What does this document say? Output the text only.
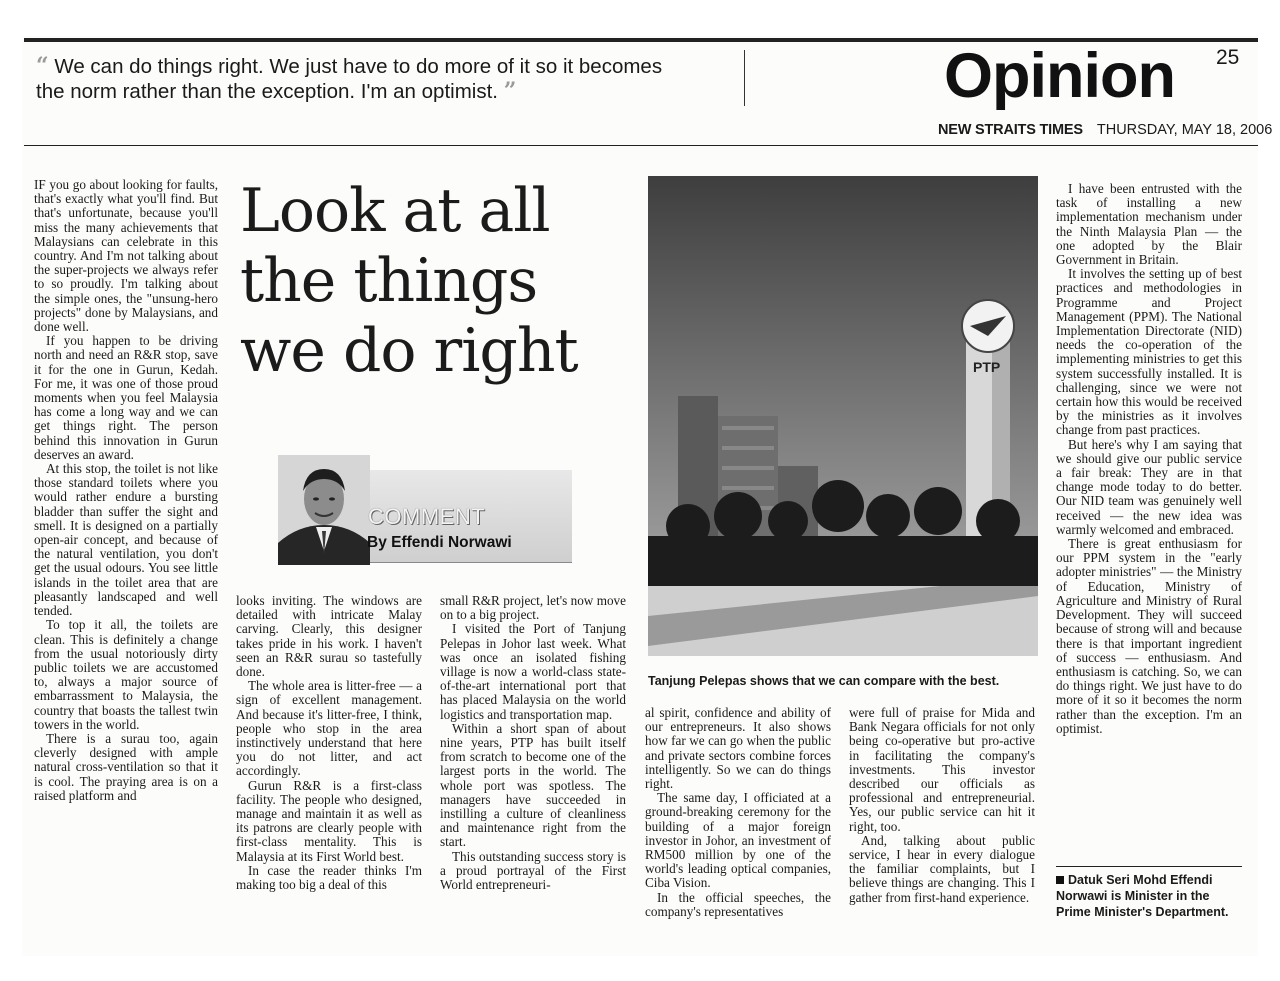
“ We can do things right. We just have to do more of it so it becomes the norm rather than the exception. I'm an optimist. ”	Opinion 25
NEW STRAITS TIMES THURSDAY, MAY 18, 2006

IF you go about looking for faults, that's exactly what you'll find. But that's unfortunate, because you'll miss the many achievements that Malaysians can celebrate in this country. And I'm not talking about the super-projects we always refer to so proudly. I'm talking about the simple ones, the "unsung-hero projects" done by Malaysians, and done well.

If you happen to be driving north and need an R&R stop, save it for the one in Gurun, Kedah. For me, it was one of those proud moments when you feel Malaysia has come a long way and we can get things right. The person behind this innovation in Gurun deserves an award.

At this stop, the toilet is not like those standard toilets where you would rather endure a bursting bladder than suffer the sight and smell. It is designed on a partially open-air concept, and because of the natural ventilation, you don't get the usual odours. You see little islands in the toilet area that are pleasantly landscaped and well tended.

To top it all, the toilets are clean. This is definitely a change from the usual notoriously dirty public toilets we are accustomed to, always a major source of embarrassment to Malaysia, the country that boasts the tallest twin towers in the world.

There is a surau too, again cleverly designed with ample natural cross-ventilation so that it is cool. The praying area is on a raised platform and

Look at all the things we do right
COMMENT
By Effendi Norwawi

looks inviting. The windows are detailed with intricate Malay carving. Clearly, this designer takes pride in his work. I haven't seen an R&R surau so tastefully done.

The whole area is litter-free — a sign of excellent management. And because it's litter-free, I think, people who stop in the area instinctively understand that here you do not litter, and act accordingly.

Gurun R&R is a first-class facility. The people who designed, manage and maintain it as well as its patrons are clearly people with first-class mentality. This is Malaysia at its First World best.

In case the reader thinks I'm making too big a deal of this

small R&R project, let's now move on to a big project.

I visited the Port of Tanjung Pelepas in Johor last week. What was once an isolated fishing village is now a world-class state-of-the-art international port that has placed Malaysia on the world logistics and transportation map.

Within a short span of about nine years, PTP has built itself from scratch to become one of the largest ports in the world. The whole port was spotless. The managers have succeeded in instilling a culture of cleanliness and maintenance right from the start.

This outstanding success story is a proud portrayal of the First World entrepreneuri-

PTP
Tanjung Pelepas shows that we can compare with the best.

al spirit, confidence and ability of our entrepreneurs. It also shows how far we can go when the public and private sectors combine forces intelligently. So we can do things right.

The same day, I officiated at a ground-breaking ceremony for the building of a major foreign investor in Johor, an investment of RM500 million by one of the world's leading optical companies, Ciba Vision.

In the official speeches, the company's representatives

were full of praise for Mida and Bank Negara officials for not only being co-operative but pro-active in facilitating the company's investments. This investor described our officials as professional and entrepreneurial. Yes, our public service can hit it right, too.

And, talking about public service, I hear in every dialogue the familiar complaints, but I believe things are changing. This I gather from first-hand experience.

I have been entrusted with the task of installing a new implementation mechanism under the Ninth Malaysia Plan — the one adopted by the Blair Government in Britain.

It involves the setting up of best practices and methodologies in Programme and Project Management (PPM). The National Implementation Directorate (NID) needs the co-operation of the implementing ministries to get this system successfully installed. It is challenging, since we were not certain how this would be received by the ministries as it involves change from past practices.

But here's why I am saying that we should give our public service a fair break: They are in that change mode today to do better. Our NID team was genuinely well received — the new idea was warmly welcomed and embraced.

There is great enthusiasm for our PPM system in the "early adopter ministries" — the Ministry of Education, Ministry of Agriculture and Ministry of Rural Development. They will succeed because of strong will and because there is that important ingredient of success — enthusiasm. And enthusiasm is catching. So, we can do things right. We just have to do more of it so it becomes the norm rather than the exception. I'm an optimist.

Datuk Seri Mohd Effendi Norwawi is Minister in the Prime Minister's Department.
